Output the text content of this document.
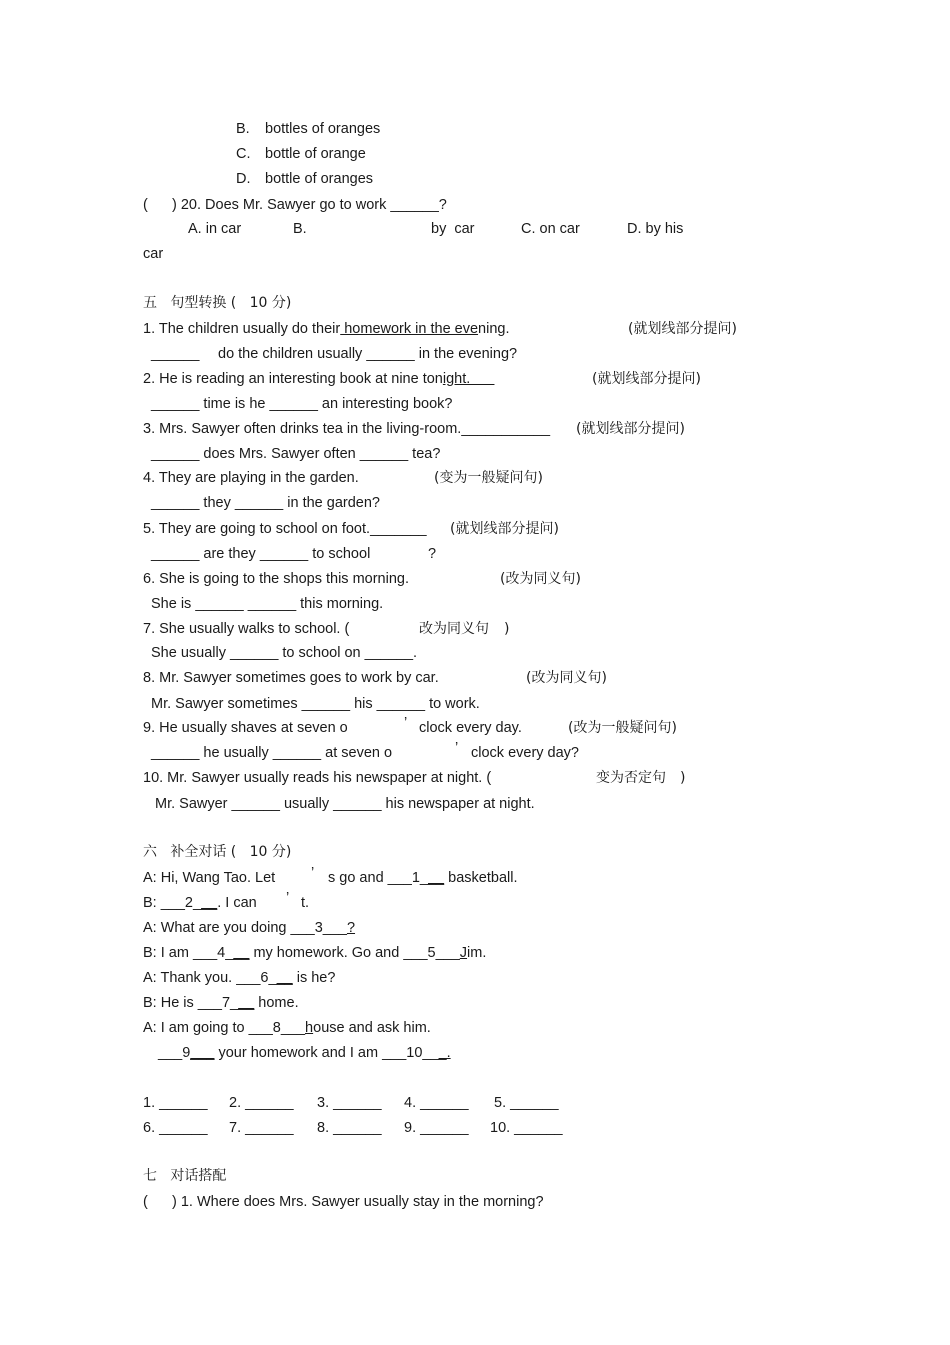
B. bottles of oranges
C. bottle of orange
D. bottle of oranges
( ) 20. Does Mr. Sawyer go to work ______?
A. in car	B.	by  car	C. on car	D. by his
car
五   句型转换 (   10 分)
1. The children usually do their homework in the evening.	(就划线部分提问)
______ do the children usually ______ in the evening?
2. He is reading an interesting book at nine tonight.	(就划线部分提问)
______ time is he ______ an interesting book?
3. Mrs. Sawyer often drinks tea in the living-room.___________ (就划线部分提问)
______ does Mrs. Sawyer often ______ tea?
4. They are playing in the garden.	(变为一般疑问句)
______ they ______ in the garden?
5. They are going to school on foot._______ (就划线部分提问)
______ are they ______ to school	?
6. She is going to the shops this morning.	(改为同义句)
She is ______ ______ this morning.
7. She usually walks to school. (	改为同义句 )
She usually ______ to school on ______.
8. Mr. Sawyer sometimes goes to work by car.	(改为同义句)
Mr. Sawyer sometimes ______ his ______ to work.
9. He usually shaves at seven o	’ clock every day.	(改为一般疑问句)
______ he usually ______ at seven o	’ clock every day?
10. Mr. Sawyer usually reads his newspaper at night. (	变为否定句 )
Mr. Sawyer ______ usually ______ his newspaper at night.
六   补全对话 (   10 分)
A: Hi, Wang Tao. Let ’ s go and ___1___ basketball.
B: ___2___. I can ’ t.
A: What are you doing ___3___?
B: I am ___4___ my homework. Go and ___5___Jim.
A: Thank you. ___6___ is he?
B: He is ___7___ home.
A: I am going to ___8___house and ask him.
___9___ your homework and I am ___10___.
1. ______ 2. ______ 3. ______ 4. ______ 5. ______
6. ______ 7. ______ 8. ______ 9. ______ 10. ______
七   对话搭配
( ) 1. Where does Mrs. Sawyer usually stay in the morning?
